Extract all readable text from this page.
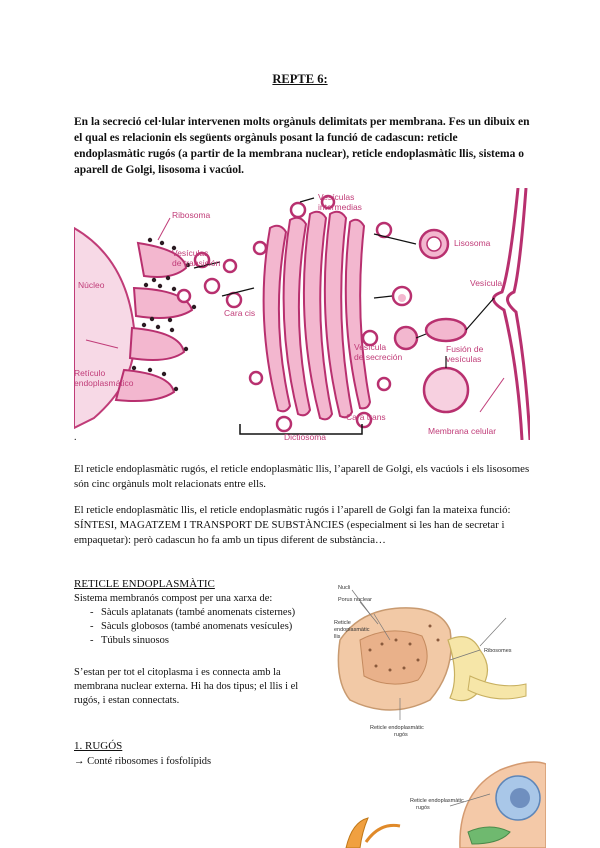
REPTE 6:
En la secreció cel·lular intervenen molts orgànuls delimitats per membrana. Fes un dibuix en el qual es relacionin els següents orgànuls posant la funció de cadascun: reticle endoplasmàtic rugós (a partir de la membrana nuclear), reticle endoplasmàtic llis, sistema o aparell de Golgi, lisosoma i vacúol.
Ribosoma
Vesículas
de transición
Vesículas
intermedias
Núcleo
Cara cis
Lisosoma
Vesícula
Retículo
endoplasmático
Vesícula
de secreción
Fusión de
vesículas
Cara trans
Dictiosoma
Membrana celular
.
El reticle endoplasmàtic rugós, el reticle endoplasmàtic llis, l’aparell de Golgi, els vacúols i els lisosomes són cinc orgànuls molt relacionats entre ells.
El reticle endoplasmàtic llis, el reticle endoplasmàtic rugós i l’aparell de Golgi fan la mateixa funció: SÍNTESI, MAGATZEM I TRANSPORT DE SUBSTÀNCIES (especialment si les han de secretar i empaquetar): però cadascun ho fa amb un tipus diferent de substància…
RETICLE ENDOPLASMÀTIC
Sistema membranós compost per una xarxa de:
- Sàculs aplatanats (també anomenats cisternes)
- Sàculs globosos (també anomenats vesícules)
- Túbuls sinuosos
S’estan per tot el citoplasma i es connecta amb la membrana nuclear externa. Hi ha dos tipus; el llis i el rugós, i estan connectats.
Nucli
Porus nuclear
Reticle
endoplasmàtic
llis
Ribosomes
Reticle endoplasmàtic
rugós
1. RUGÓS
→ Conté ribosomes i fosfolípids
Reticle endoplasmàtic
rugós
